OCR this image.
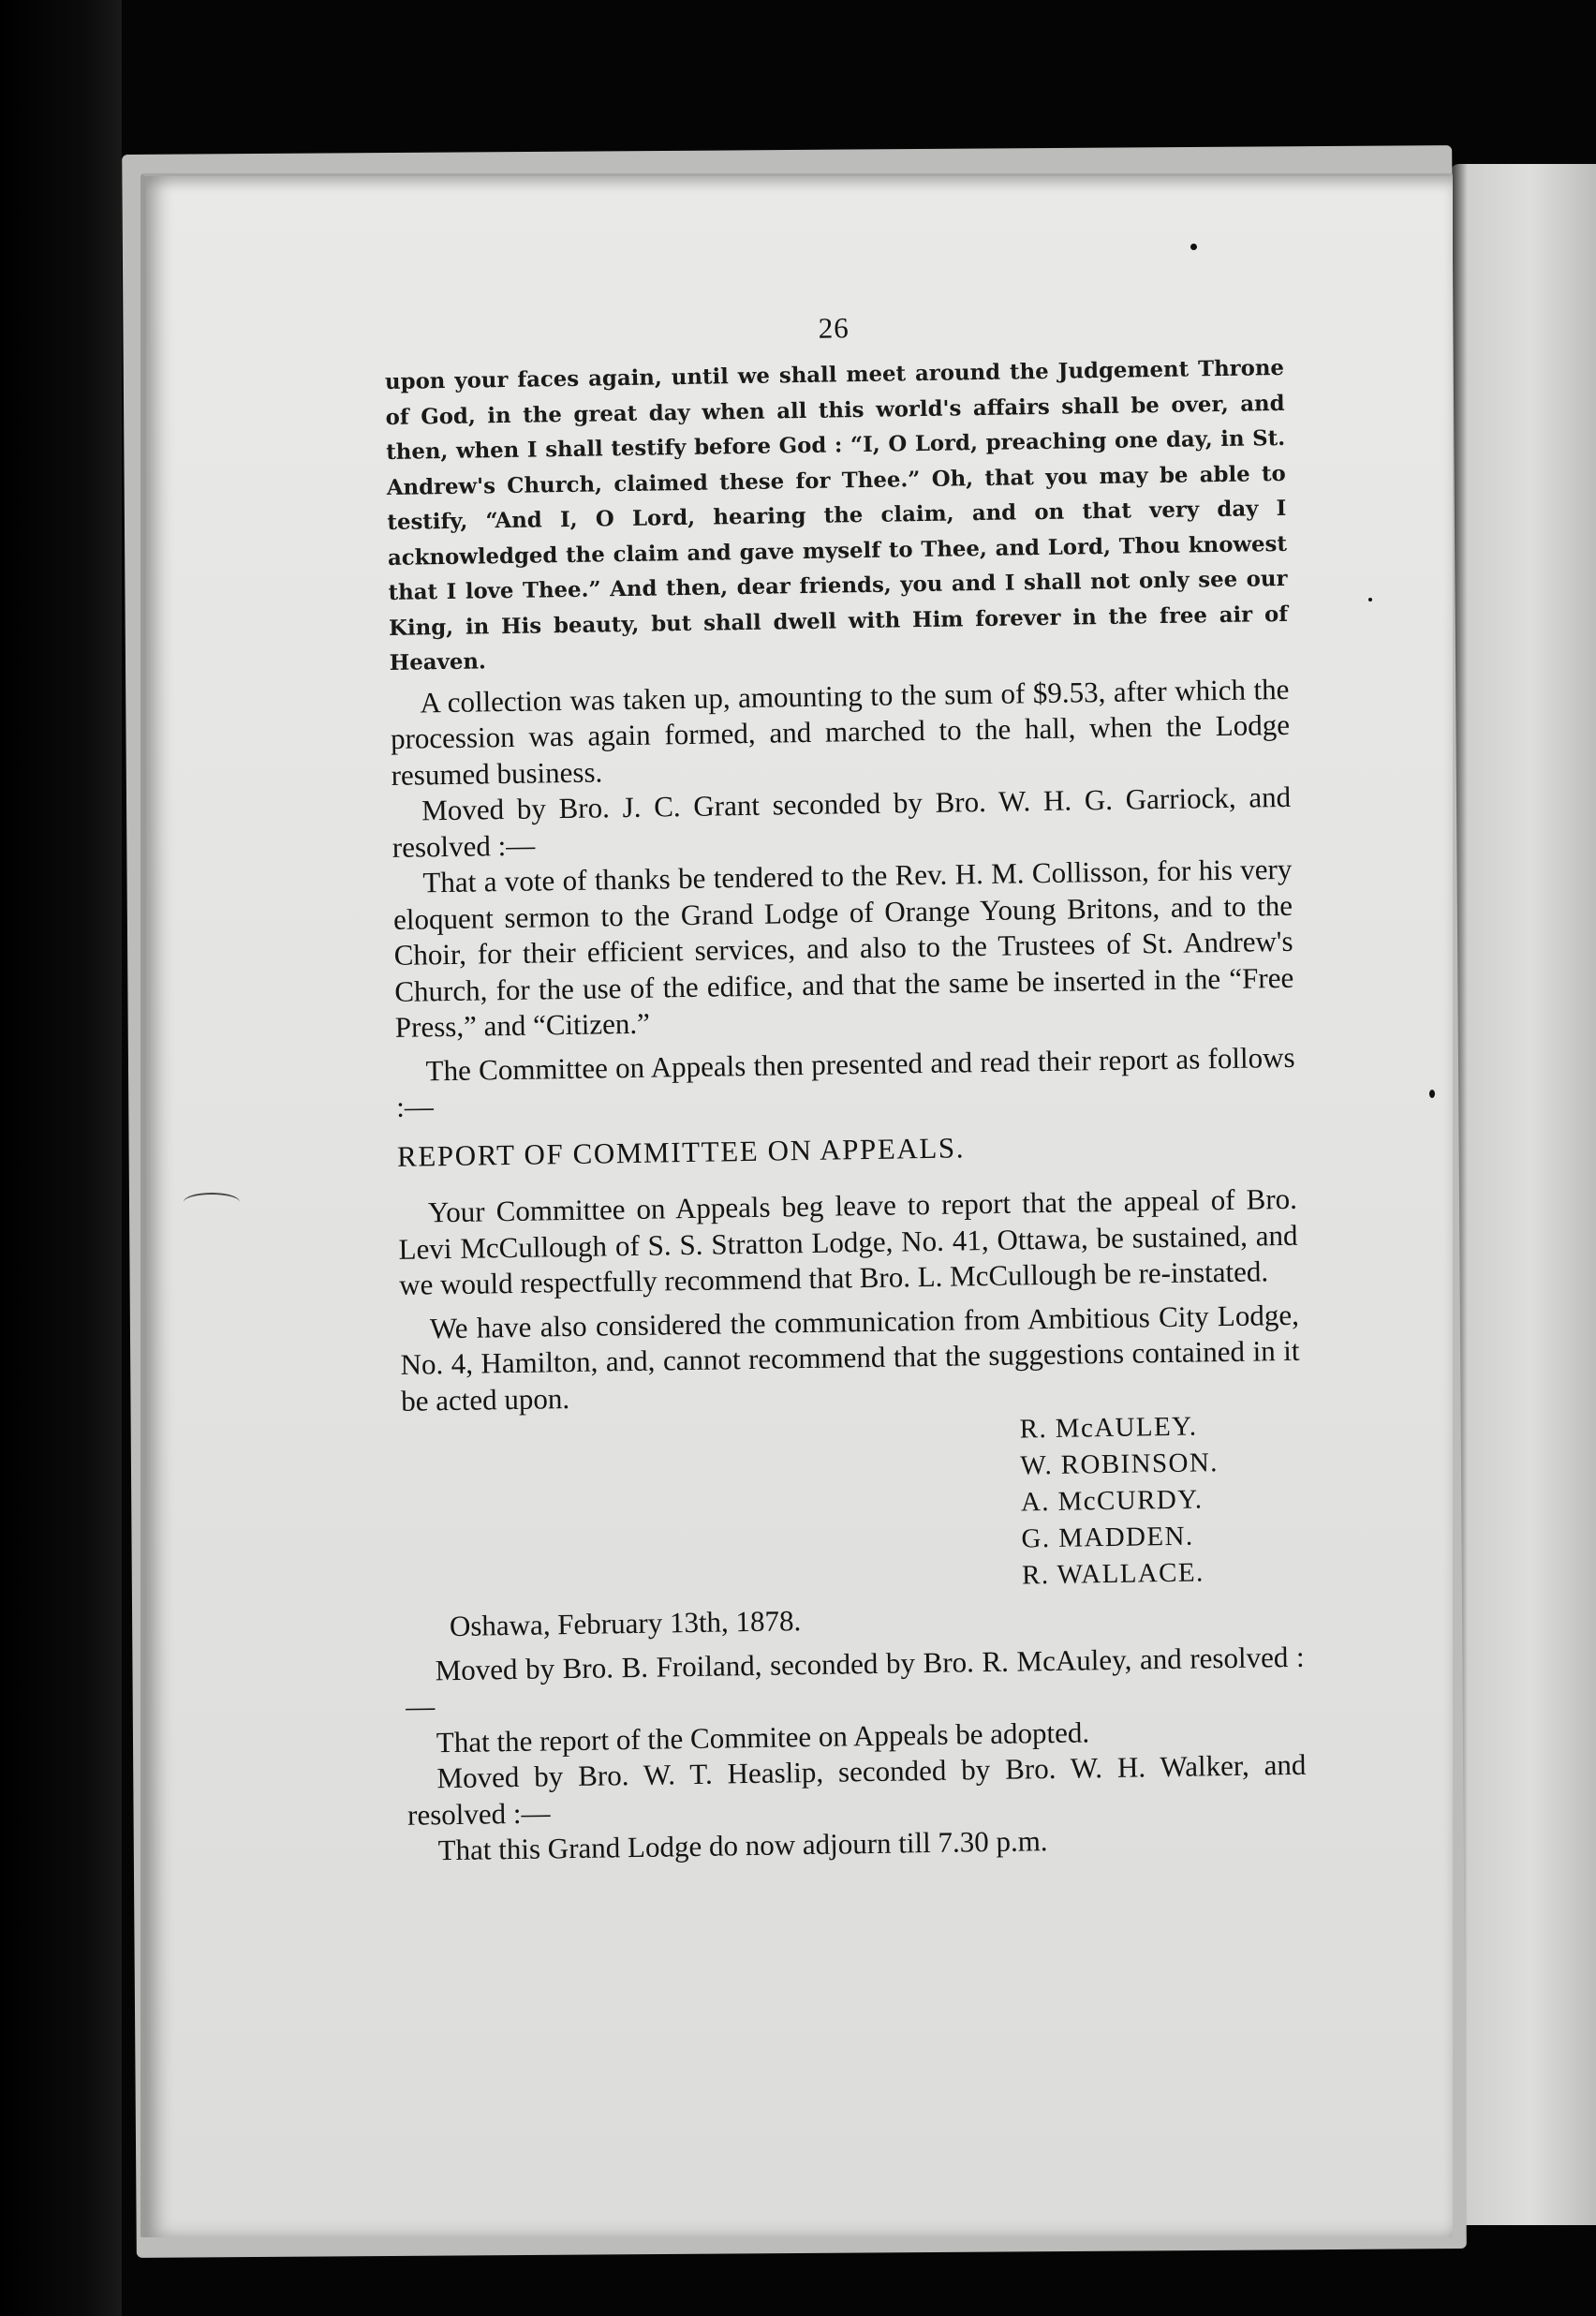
26

upon your faces again, until we shall meet around the Judgement Throne of God, in the great day when all this world's affairs shall be over, and then, when I shall testify before God : “I, O Lord, preaching one day, in St. Andrew's Church, claimed these for Thee.” Oh, that you may be able to testify, “And I, O Lord, hearing the claim, and on that very day I acknowledged the claim and gave myself to Thee, and Lord, Thou knowest that I love Thee.” And then, dear friends, you and I shall not only see our King, in His beauty, but shall dwell with Him forever in the free air of Heaven.

A collection was taken up, amounting to the sum of $9.53, after which the procession was again formed, and marched to the hall, when the Lodge resumed business.

Moved by Bro. J. C. Grant seconded by Bro. W. H. G. Garriock, and resolved :—

That a vote of thanks be tendered to the Rev. H. M. Collisson, for his very eloquent sermon to the Grand Lodge of Orange Young Britons, and to the Choir, for their efficient services, and also to the Trustees of St. Andrew's Church, for the use of the edifice, and that the same be inserted in the “Free Press,” and “Citizen.”

The Committee on Appeals then presented and read their report as follows :—

REPORT OF COMMITTEE ON APPEALS.

Your Committee on Appeals beg leave to report that the appeal of Bro. Levi McCullough of S. S. Stratton Lodge, No. 41, Ottawa, be sustained, and we would respectfully recommend that Bro. L. McCullough be re-instated.

We have also considered the communication from Ambitious City Lodge, No. 4, Hamilton, and, cannot recommend that the suggestions contained in it be acted upon.

R. McAULEY.
W. ROBINSON.
A. McCURDY.
G. MADDEN.
R. WALLACE.

Oshawa, February 13th, 1878.

Moved by Bro. B. Froiland, seconded by Bro. R. McAuley, and resolved :—

That the report of the Commitee on Appeals be adopted.

Moved by Bro. W. T. Heaslip, seconded by Bro. W. H. Walker, and resolved :—

That this Grand Lodge do now adjourn till 7.30 p.m.
